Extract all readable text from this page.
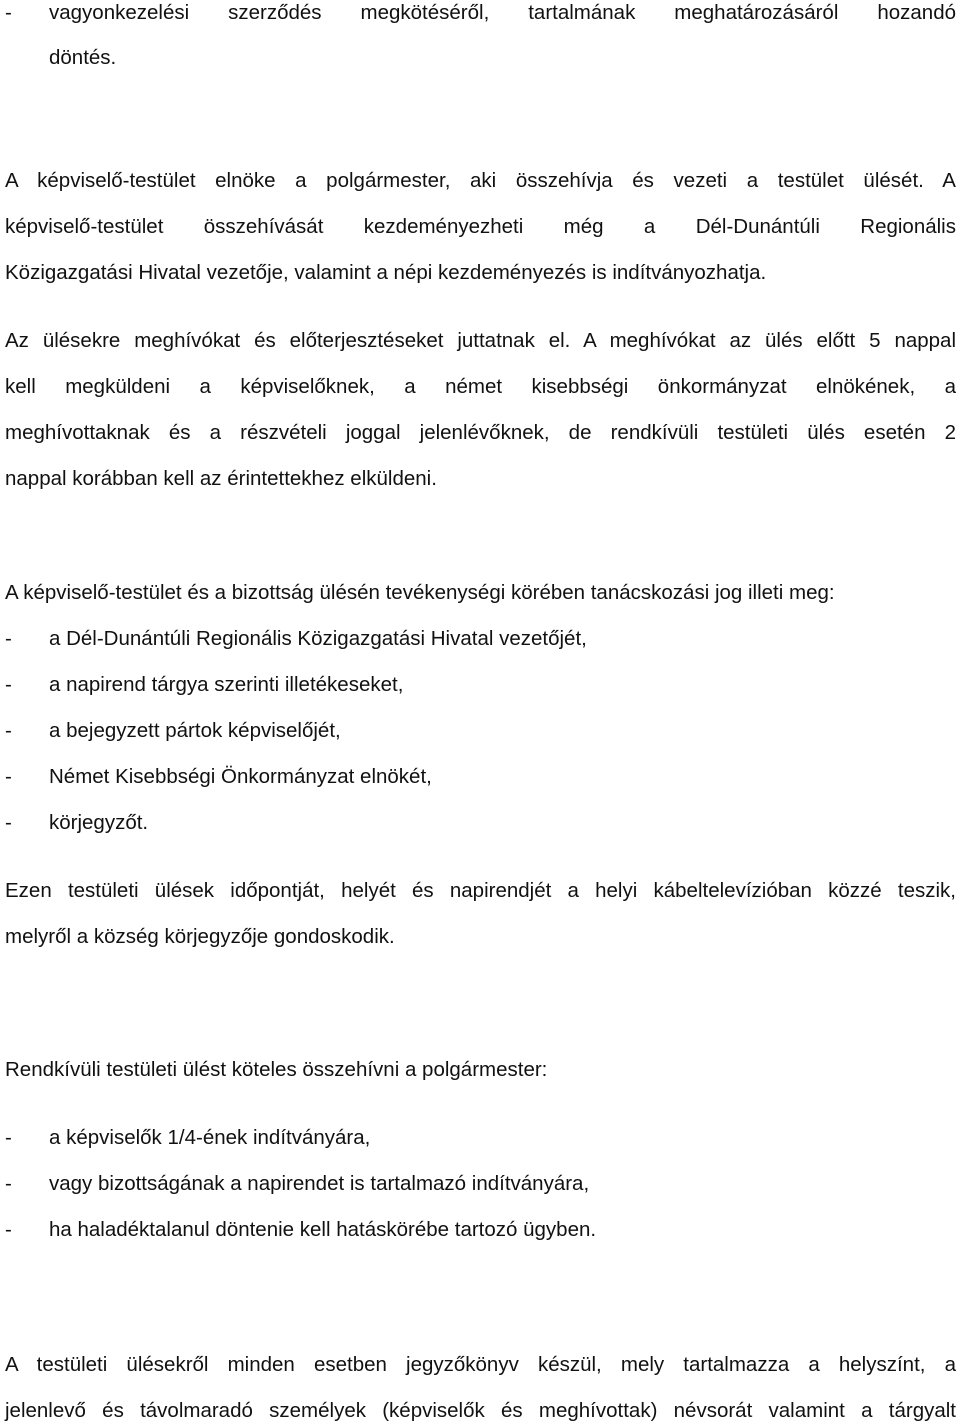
- vagyonkezelési szerződés megkötéséről, tartalmának meghatározásáról hozandó
döntés.
A képviselő-testület elnöke a polgármester, aki összehívja és vezeti a testület ülését. A
képviselő-testület összehívását kezdeményezheti még a Dél-Dunántúli Regionális
Közigazgatási Hivatal vezetője, valamint a népi kezdeményezés is indítványozhatja.
Az ülésekre meghívókat és előterjesztéseket juttatnak el. A meghívókat az ülés előtt 5 nappal
kell megküldeni a képviselőknek, a német kisebbségi önkormányzat elnökének, a
meghívottaknak és a részvételi joggal jelenlévőknek, de rendkívüli testületi ülés esetén 2
nappal korábban kell az érintettekhez elküldeni.
A képviselő-testület és a bizottság ülésén tevékenységi körében tanácskozási jog illeti meg:
- a Dél-Dunántúli Regionális Közigazgatási Hivatal vezetőjét,
- a napirend tárgya szerinti illetékeseket,
- a bejegyzett pártok képviselőjét,
- Német Kisebbségi Önkormányzat elnökét,
- körjegyzőt.
Ezen testületi ülések időpontját, helyét és napirendjét a helyi kábeltelevízióban közzé teszik,
melyről a község körjegyzője gondoskodik.
Rendkívüli testületi ülést köteles összehívni a polgármester:
- a képviselők 1/4-ének indítványára,
- vagy bizottságának a napirendet is tartalmazó indítványára,
- ha haladéktalanul döntenie kell hatáskörébe tartozó ügyben.
A testületi ülésekről minden esetben jegyzőkönyv készül, mely tartalmazza a helyszínt, a
jelenlevő és távolmaradó személyek (képviselők és meghívottak) névsorát valamint a tárgyalt
